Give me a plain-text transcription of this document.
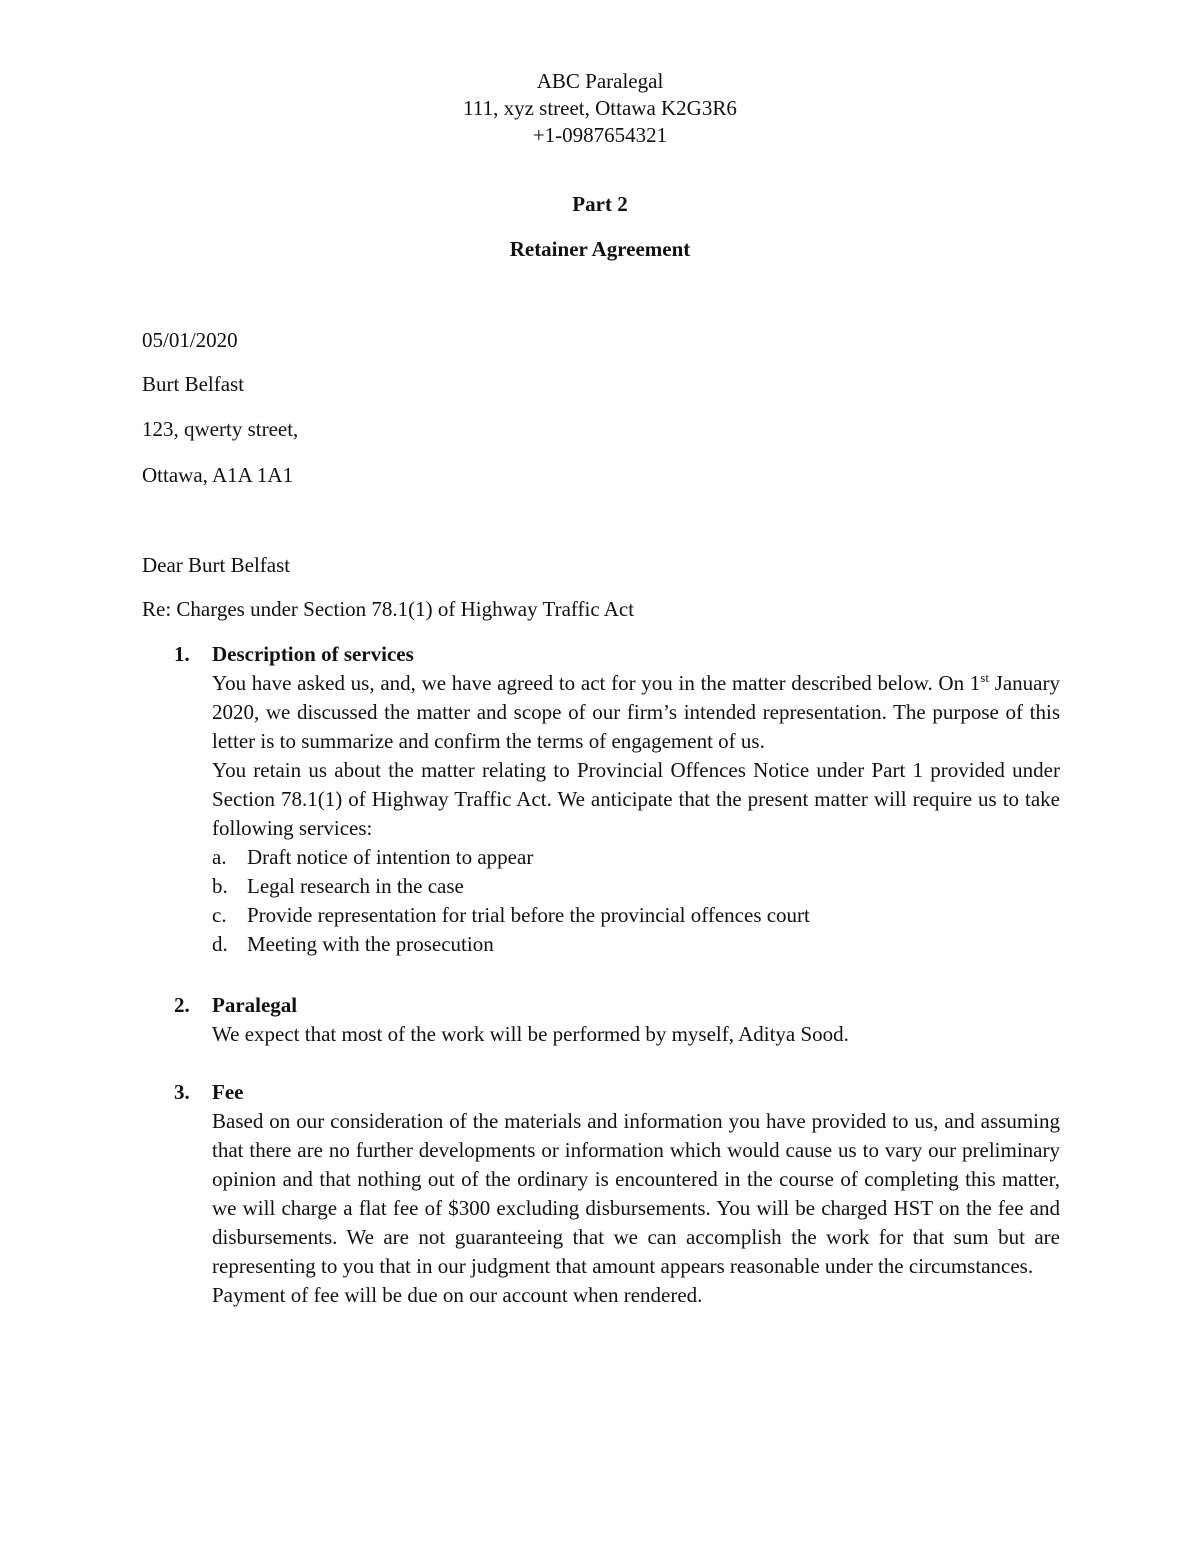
ABC Paralegal
111, xyz street, Ottawa K2G3R6
+1-0987654321
Part 2
Retainer Agreement
05/01/2020
Burt Belfast
123, qwerty street,
Ottawa, A1A 1A1
Dear Burt Belfast
Re: Charges under Section 78.1(1) of Highway Traffic Act
1. Description of services
You have asked us, and, we have agreed to act for you in the matter described below. On 1st January 2020, we discussed the matter and scope of our firm’s intended representation. The purpose of this letter is to summarize and confirm the terms of engagement of us.
You retain us about the matter relating to Provincial Offences Notice under Part 1 provided under Section 78.1(1) of Highway Traffic Act. We anticipate that the present matter will require us to take following services:
a. Draft notice of intention to appear
b. Legal research in the case
c. Provide representation for trial before the provincial offences court
d. Meeting with the prosecution
2. Paralegal
We expect that most of the work will be performed by myself, Aditya Sood.
3. Fee
Based on our consideration of the materials and information you have provided to us, and assuming that there are no further developments or information which would cause us to vary our preliminary opinion and that nothing out of the ordinary is encountered in the course of completing this matter, we will charge a flat fee of $300 excluding disbursements. You will be charged HST on the fee and disbursements. We are not guaranteeing that we can accomplish the work for that sum but are representing to you that in our judgment that amount appears reasonable under the circumstances.
Payment of fee will be due on our account when rendered.
